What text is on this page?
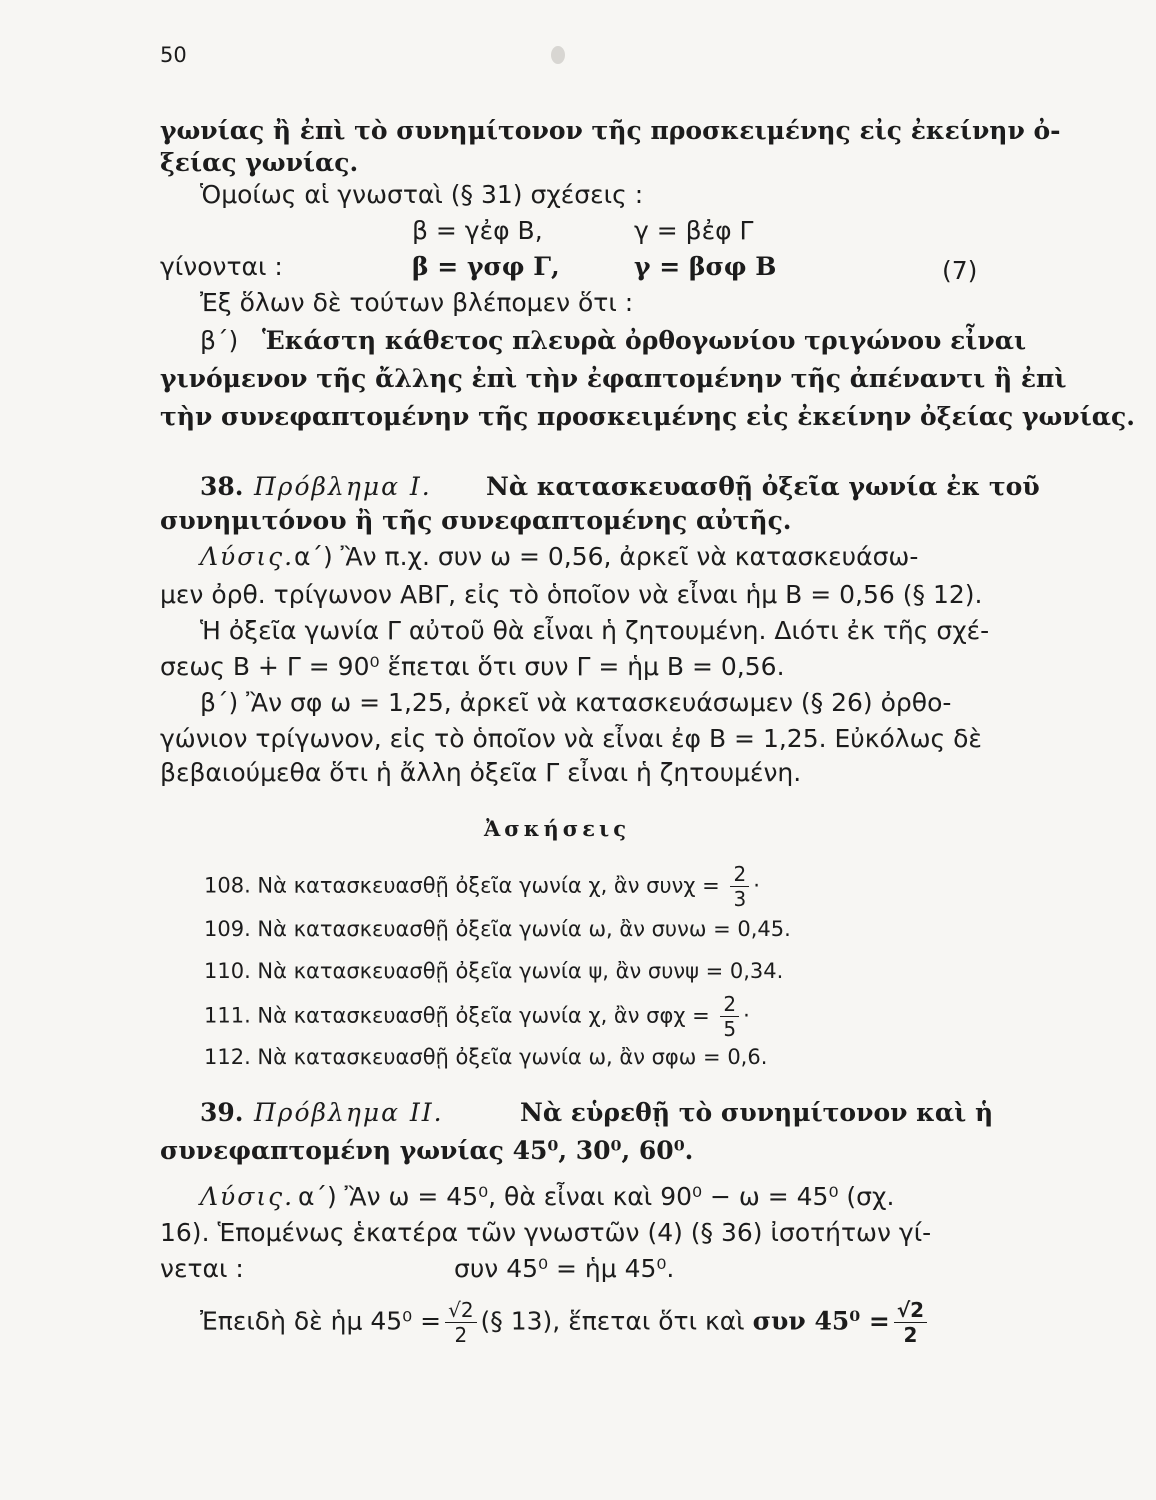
50
γωνίας ἢ ἐπὶ τὸ συνημίτονον τῆς προσκειμένης εἰς ἐκείνην ὀ-
ξείας γωνίας.
Ὁμοίως αἱ γνωσταὶ (§ 31) σχέσεις :
β = γἐφ Β,	γ = βἐφ Γ
γίνονται :	β = γσφ Γ,	γ = βσφ Β	(7)
Ἐξ ὅλων δὲ τούτων βλέπομεν ὅτι :
β΄) Ἑκάστη κάθετος πλευρὰ ὀρθογωνίου τριγώνου εἶναι
γινόμενον τῆς ἄλλης ἐπὶ τὴν ἐφαπτομένην τῆς ἀπέναντι ἢ ἐπὶ
τὴν συνεφαπτομένην τῆς προσκειμένης εἰς ἐκείνην ὀξείας γωνίας.
38. Πρόβλημα Ι. Νὰ κατασκευασθῇ ὀξεῖα γωνία ἐκ τοῦ
συνημιτόνου ἢ τῆς συνεφαπτομένης αὐτῆς.
Λύσις. α΄) Ἂν π.χ. συν ω = 0,56, ἀρκεῖ νὰ κατασκευάσω-
μεν ὀρθ. τρίγωνον ΑΒΓ, εἰς τὸ ὁποῖον νὰ εἶναι ἡμ Β = 0,56 (§ 12).
Ἡ ὀξεῖα γωνία Γ αὐτοῦ θὰ εἶναι ἡ ζητουμένη. Διότι ἐκ τῆς σχέ-
σεως Β ∔ Γ = 90⁰ ἕπεται ὅτι συν Γ = ἡμ Β = 0,56.
β΄) Ἂν σφ ω = 1,25, ἀρκεῖ νὰ κατασκευάσωμεν (§ 26) ὀρθο-
γώνιον τρίγωνον, εἰς τὸ ὁποῖον νὰ εἶναι ἐφ Β = 1,25. Εὐκόλως δὲ
βεβαιούμεθα ὅτι ἡ ἄλλη ὀξεῖα Γ εἶναι ἡ ζητουμένη.
Ἀσκήσεις
108. Νὰ κατασκευασθῇ ὀξεῖα γωνία χ, ἂν $\sigma\upsilon\nu\chi = \frac{2}{3}$ ·
109. Νὰ κατασκευασθῇ ὀξεῖα γωνία ω, ἂν συνω = 0,45.
110. Νὰ κατασκευασθῇ ὀξεῖα γωνία ψ, ἂν συνψ = 0,34.
111. Νὰ κατασκευασθῇ ὀξεῖα γωνία χ, ἂν $\sigma\varphi\chi = \frac{2}{5}$ ·
112. Νὰ κατασκευασθῇ ὀξεῖα γωνία ω, ἂν σφω = 0,6.
39. Πρόβλημα ΙΙ.	Νὰ εὑρεθῇ τὸ συνημίτονον καὶ ἡ
συνεφαπτομένη γωνίας 45⁰, 30⁰, 60⁰.
Λύσις. α΄) Ἂν ω = 45⁰, θὰ εἶναι καὶ 90⁰ − ω = 45⁰ (σχ.
16). Ἑπομένως ἑκατέρα τῶν γνωστῶν (4) (§ 36) ἰσοτήτων γί-
νεται :	συν 45⁰ = ἡμ 45⁰.
Ἐπειδὴ δὲ ἡμ $45^0 = \frac{√2}{2}$ (§ 13), ἕπεται ὅτι καὶ συν $45^0 = \frac{√2}{2}$
